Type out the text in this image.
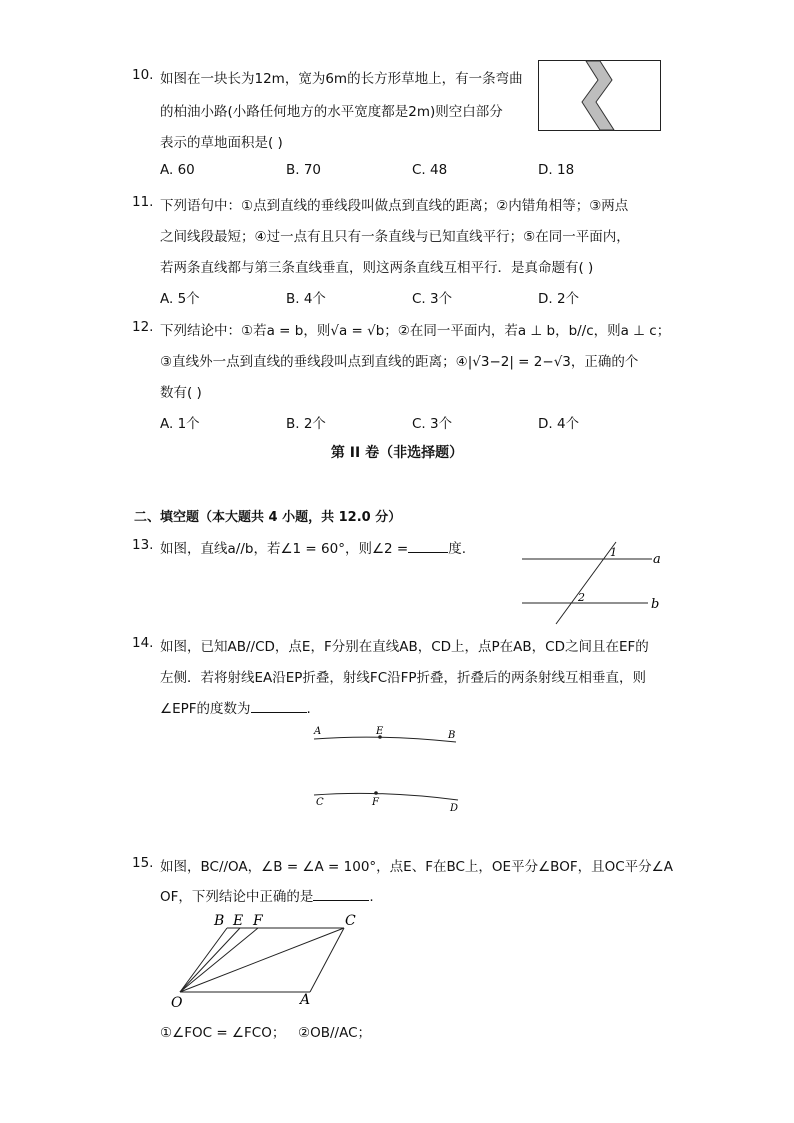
10. 如图在一块长为12m，宽为6m的长方形草地上，有一条弯曲
的柏油小路(小路任何地方的水平宽度都是2m)则空白部分
表示的草地面积是( )
A. 60	B. 70	C. 48	D. 18
11. 下列语句中：①点到直线的垂线段叫做点到直线的距离；②内错角相等；③两点
之间线段最短；④过一点有且只有一条直线与已知直线平行；⑤在同一平面内，
若两条直线都与第三条直线垂直，则这两条直线互相平行．是真命题有( )
A. 5个	B. 4个	C. 3个	D. 2个
12. 下列结论中：①若a = b，则√a = √b；②在同一平面内，若a ⊥ b，b//c，则a ⊥ c；
③直线外一点到直线的垂线段叫点到直线的距离；④|√3−2| = 2−√3，正确的个
数有( )
A. 1个	B. 2个	C. 3个	D. 4个
第 II 卷（非选择题）
二、填空题（本大题共 4 小题，共 12.0 分）
13. 如图，直线a//b，若∠1 = 60°，则∠2 =	度.	1
2
a
b
14. 如图，已知AB//CD，点E，F分别在直线AB，CD上，点P在AB，CD之间且在EF的
左侧．若将射线EA沿EP折叠，射线FC沿FP折叠，折叠后的两条射线互相垂直，则
∠EPF的度数为	.
A	E	B
C	F
D
15. 如图，BC//OA，∠B = ∠A = 100°，点E、F在BC上，OE平分∠BOF，且OC平分∠A
OF，下列结论中正确的是	.
B E F	C
O	A
①∠FOC = ∠FCO； ②OB//AC；
